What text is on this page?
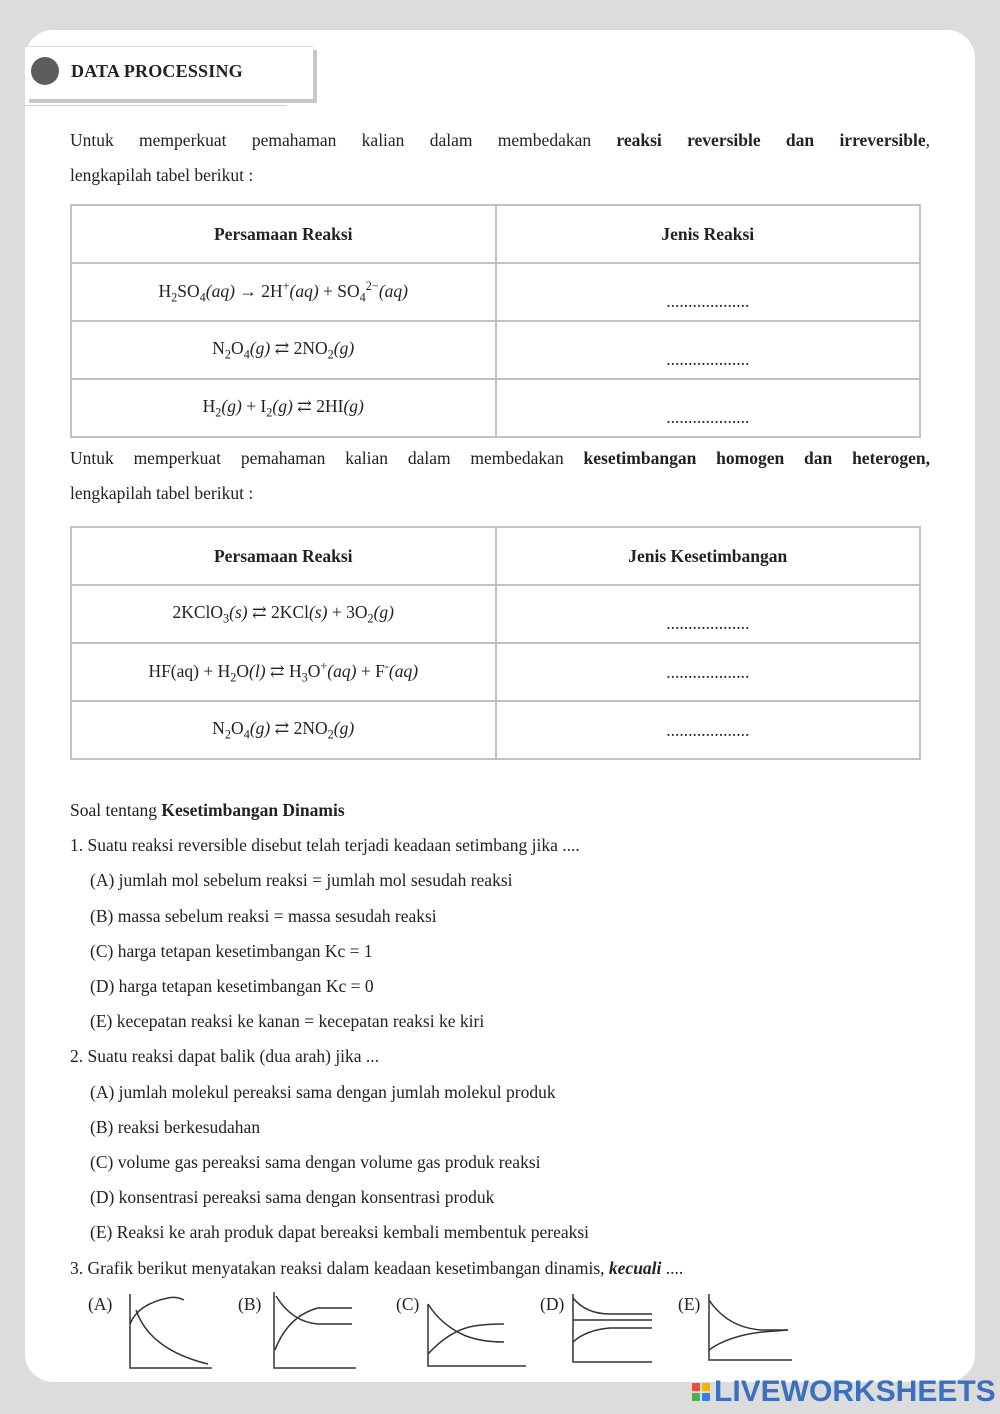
DATA PROCESSING
Untuk memperkuat pemahaman kalian dalam membedakan reaksi reversible dan irreversible,
lengkapilah tabel berikut :
Persamaan Reaksi	Jenis Reaksi
$H_2SO_4(aq) \to 2H^+(aq) + SO_4^{2-}(aq)$	...................
$N_2O_4(g)$ ⇄ $2NO_2(g)$	...................
$H_2(g) + I_2(g)$ ⇄ 2HI(g)	...................
Untuk memperkuat pemahaman kalian dalam membedakan kesetimbangan homogen dan heterogen,
lengkapilah tabel berikut :
Persamaan Reaksi	Jenis Kesetimbangan
2KClO$_3$(s) ⇄ $2KCl(s) + 3O_2(g)$	...................
$HF(aq) + H_2O(l)$ ⇄ $H_3O^+(aq) + F^-(aq)$	...................
$N_2O_4(g)$ ⇄ $2NO_2(g)$	...................
Soal tentang Kesetimbangan Dinamis
1. Suatu reaksi reversible disebut telah terjadi keadaan setimbang jika ....
(A) jumlah mol sebelum reaksi = jumlah mol sesudah reaksi
(B) massa sebelum reaksi = massa sesudah reaksi
(C) harga tetapan kesetimbangan Kc = 1
(D) harga tetapan kesetimbangan Kc = 0
(E) kecepatan reaksi ke kanan = kecepatan reaksi ke kiri
2. Suatu reaksi dapat balik (dua arah) jika ...
(A) jumlah molekul pereaksi sama dengan jumlah molekul produk
(B) reaksi berkesudahan
(C) volume gas pereaksi sama dengan volume gas produk reaksi
(D) konsentrasi pereaksi sama dengan konsentrasi produk
(E) Reaksi ke arah produk dapat bereaksi kembali membentuk pereaksi
3. Grafik berikut menyatakan reaksi dalam keadaan kesetimbangan dinamis, kecuali ....
(A)	(B)	(C)	(D)	(E)
LIVEWORKSHEETS
